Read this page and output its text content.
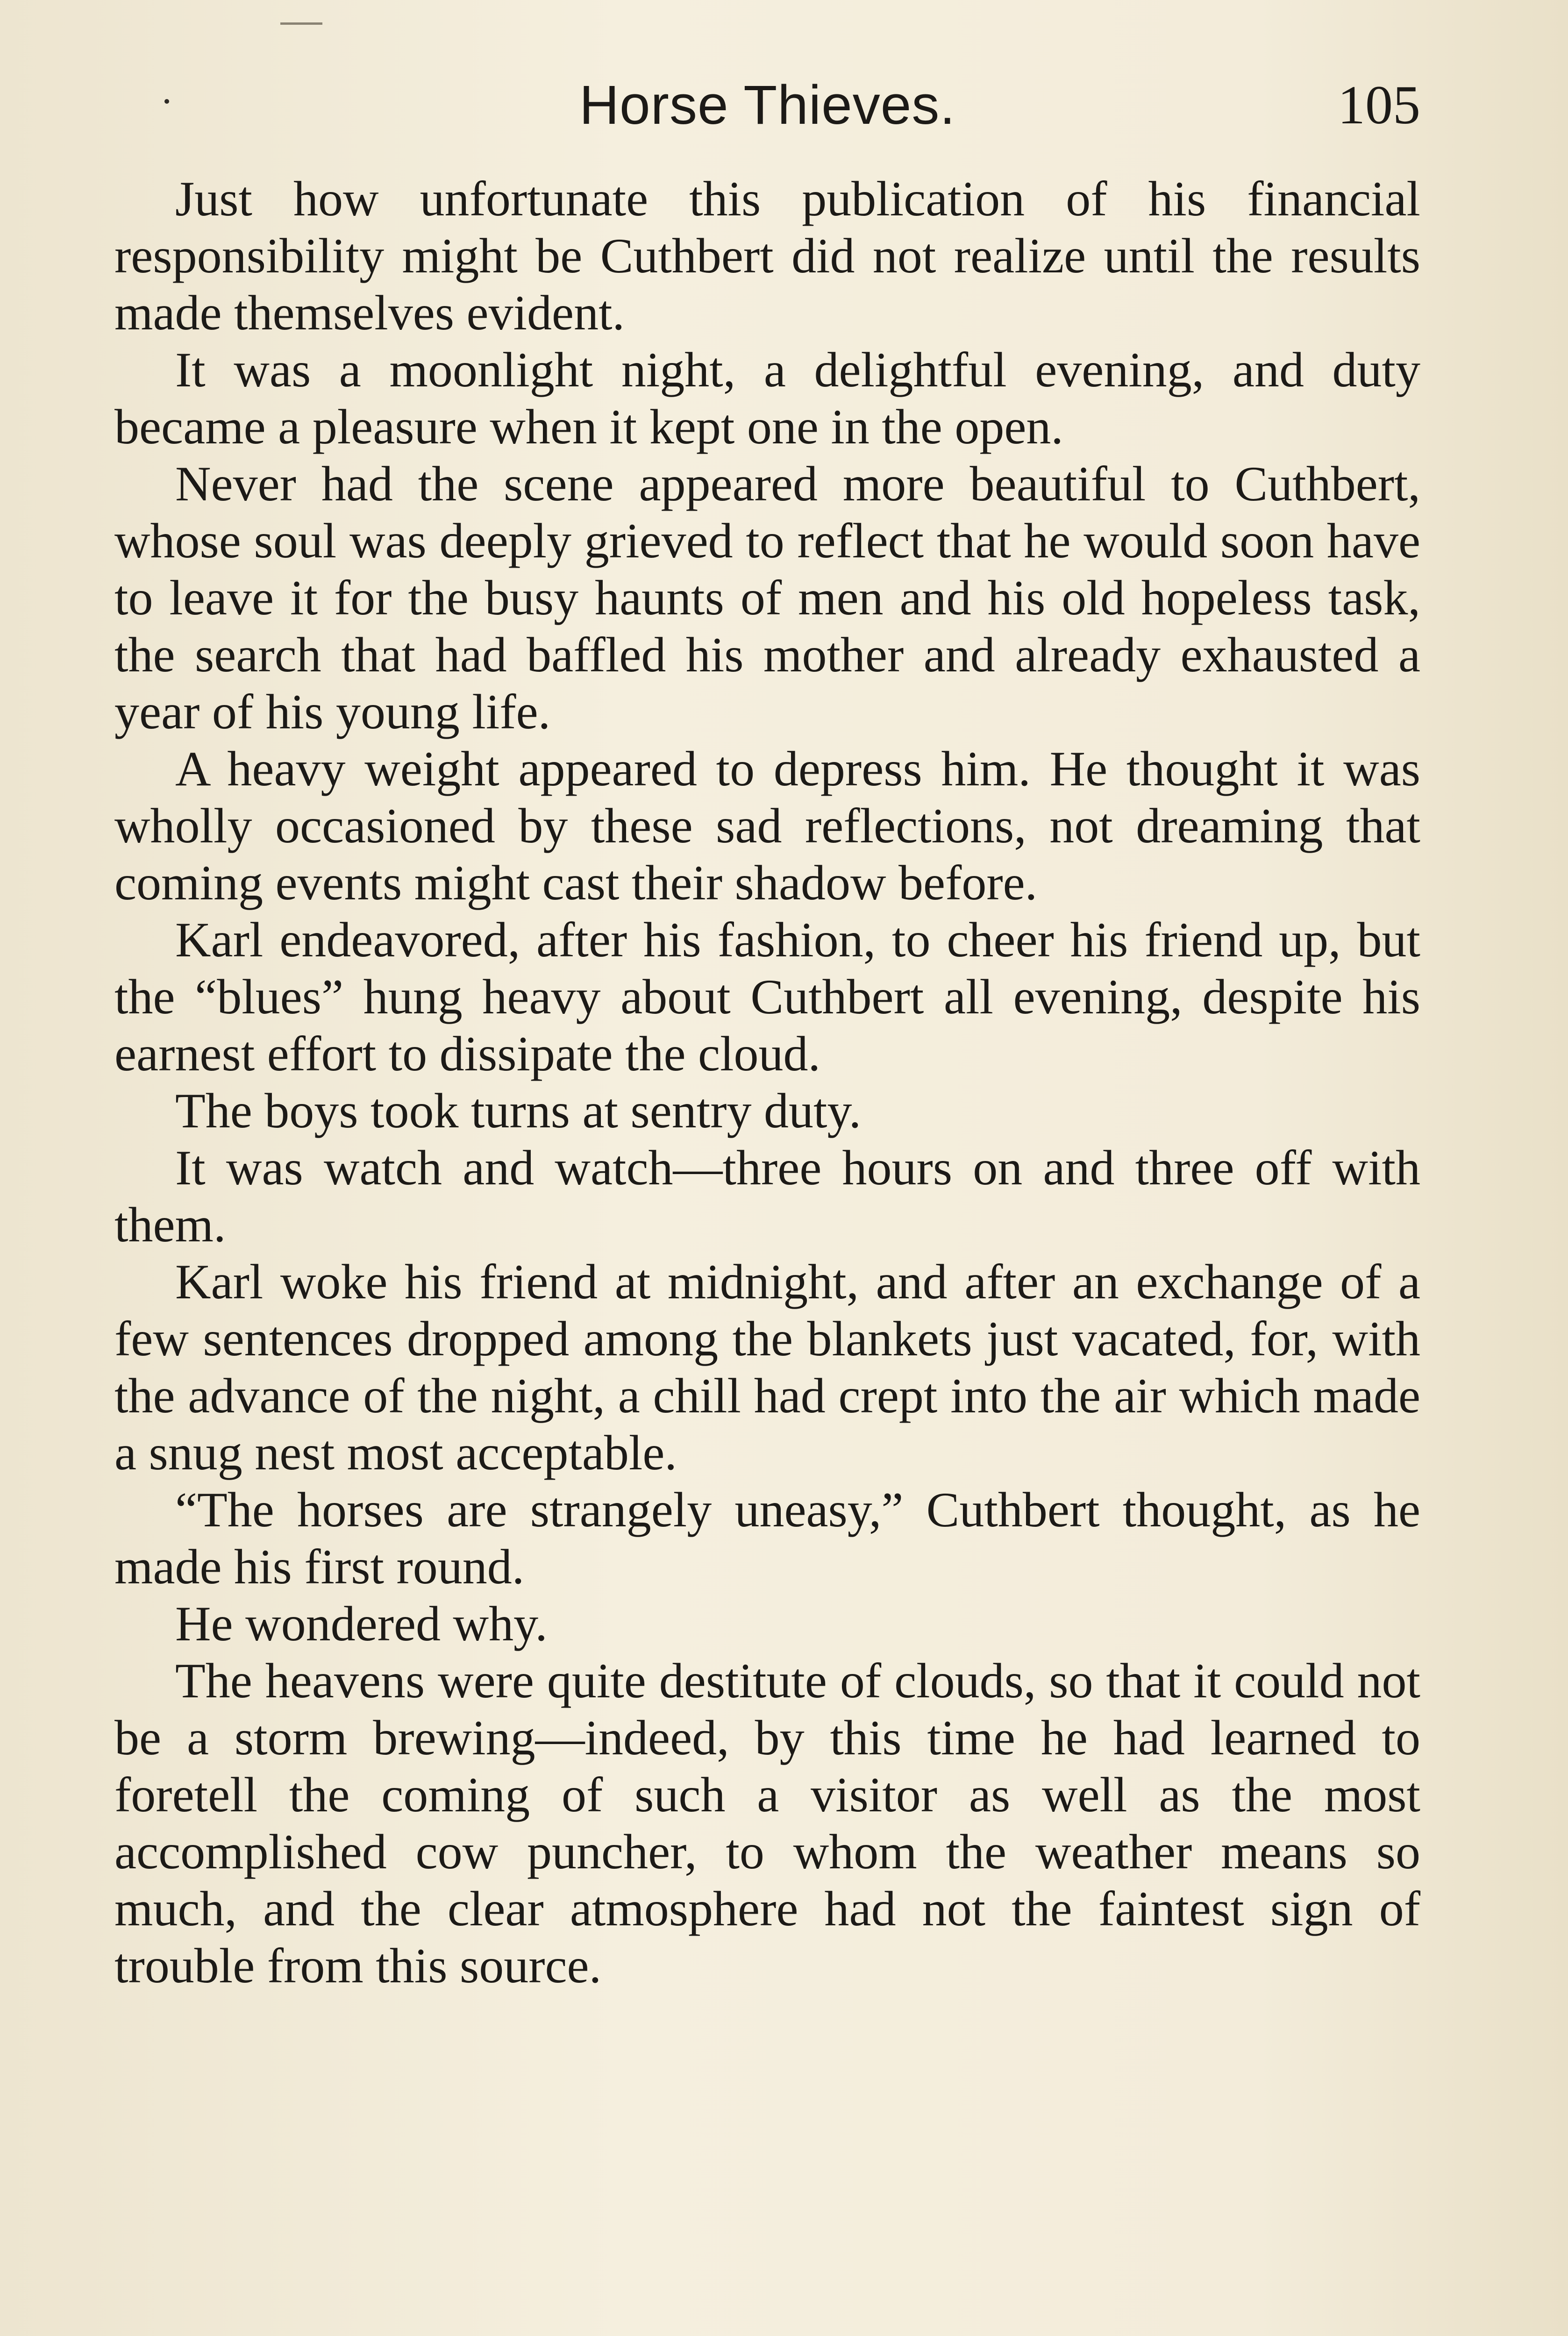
Horse Thieves.	105

Just how unfortunate this publication of his financial responsibility might be Cuthbert did not realize until the results made themselves evident.

It was a moonlight night, a delightful evening, and duty became a pleasure when it kept one in the open.

Never had the scene appeared more beautiful to Cuthbert, whose soul was deeply grieved to reflect that he would soon have to leave it for the busy haunts of men and his old hopeless task, the search that had baffled his mother and already exhausted a year of his young life.

A heavy weight appeared to depress him. He thought it was wholly occasioned by these sad reflections, not dreaming that coming events might cast their shadow before.

Karl endeavored, after his fashion, to cheer his friend up, but the “blues” hung heavy about Cuthbert all evening, despite his earnest effort to dissipate the cloud.

The boys took turns at sentry duty.

It was watch and watch—three hours on and three off with them.

Karl woke his friend at midnight, and after an exchange of a few sentences dropped among the blankets just vacated, for, with the advance of the night, a chill had crept into the air which made a snug nest most acceptable.

“The horses are strangely uneasy,” Cuthbert thought, as he made his first round.

He wondered why.

The heavens were quite destitute of clouds, so that it could not be a storm brewing—indeed, by this time he had learned to foretell the coming of such a visitor as well as the most accomplished cow puncher, to whom the weather means so much, and the clear atmosphere had not the faintest sign of trouble from this source.
